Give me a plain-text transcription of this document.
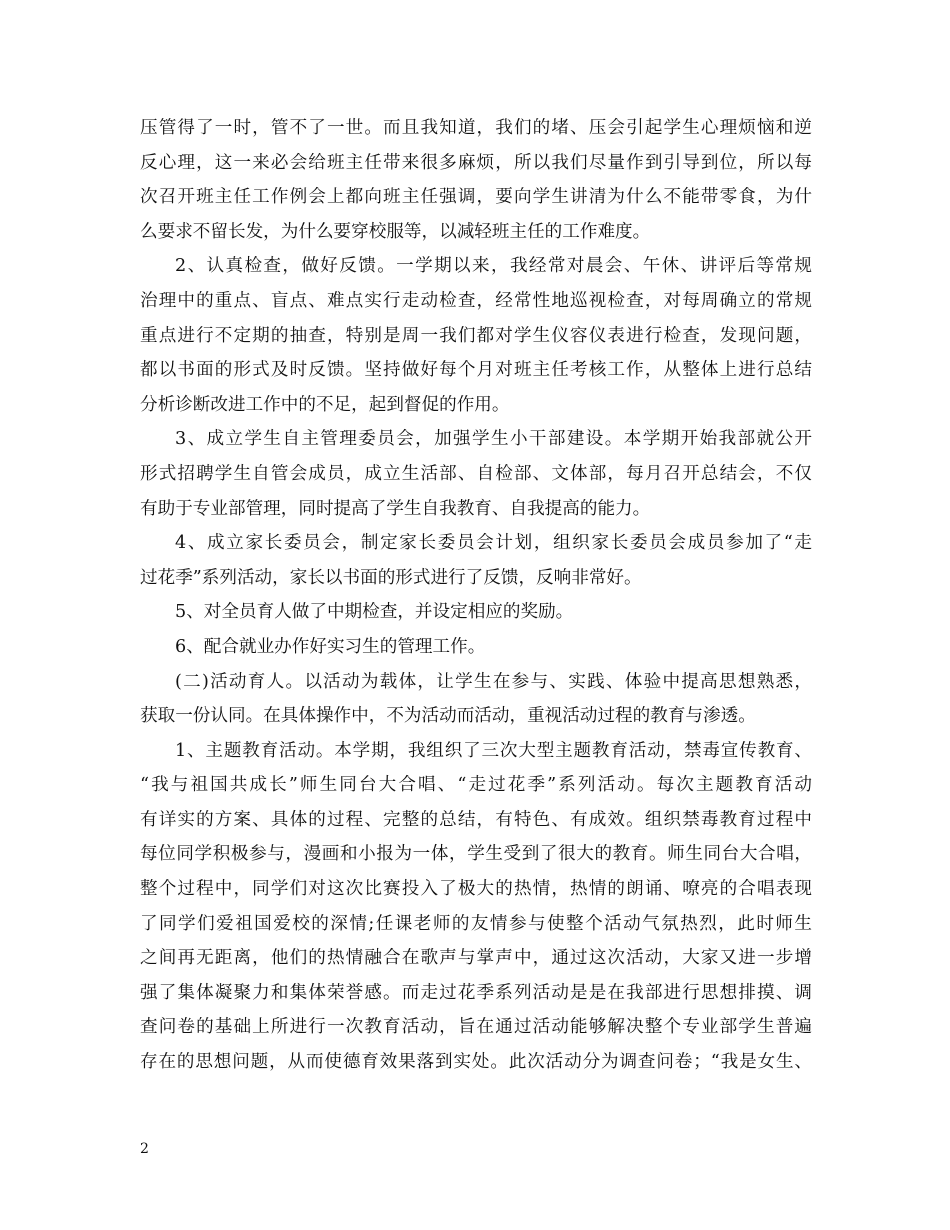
压管得了一时，管不了一世。而且我知道，我们的堵、压会引起学生心理烦恼和逆
反心理，这一来必会给班主任带来很多麻烦，所以我们尽量作到引导到位，所以每
次召开班主任工作例会上都向班主任强调，要向学生讲清为什么不能带零食，为什
么要求不留长发，为什么要穿校服等，以减轻班主任的工作难度。
2、认真检查，做好反馈。一学期以来，我经常对晨会、午休、讲评后等常规
治理中的重点、盲点、难点实行走动检查，经常性地巡视检查，对每周确立的常规
重点进行不定期的抽查，特别是周一我们都对学生仪容仪表进行检查，发现问题，
都以书面的形式及时反馈。坚持做好每个月对班主任考核工作，从整体上进行总结
分析诊断改进工作中的不足，起到督促的作用。
3、成立学生自主管理委员会，加强学生小干部建设。本学期开始我部就公开
形式招聘学生自管会成员，成立生活部、自检部、文体部，每月召开总结会，不仅
有助于专业部管理，同时提高了学生自我教育、自我提高的能力。
4、成立家长委员会，制定家长委员会计划，组织家长委员会成员参加了“走
过花季”系列活动，家长以书面的形式进行了反馈，反响非常好。
5、对全员育人做了中期检查，并设定相应的奖励。
6、配合就业办作好实习生的管理工作。
(二)活动育人。以活动为载体，让学生在参与、实践、体验中提高思想熟悉，
获取一份认同。在具体操作中，不为活动而活动，重视活动过程的教育与渗透。
1、主题教育活动。本学期，我组织了三次大型主题教育活动，禁毒宣传教育、
“我与祖国共成长”师生同台大合唱、“走过花季”系列活动。每次主题教育活动
有详实的方案、具体的过程、完整的总结，有特色、有成效。组织禁毒教育过程中
每位同学积极参与，漫画和小报为一体，学生受到了很大的教育。师生同台大合唱，
整个过程中，同学们对这次比赛投入了极大的热情，热情的朗诵、嘹亮的合唱表现
了同学们爱祖国爱校的深情;任课老师的友情参与使整个活动气氛热烈，此时师生
之间再无距离，他们的热情融合在歌声与掌声中，通过这次活动，大家又进一步增
强了集体凝聚力和集体荣誉感。而走过花季系列活动是是在我部进行思想排摸、调
查问卷的基础上所进行一次教育活动，旨在通过活动能够解决整个专业部学生普遍
存在的思想问题，从而使德育效果落到实处。此次活动分为调查问卷；“我是女生、
2
